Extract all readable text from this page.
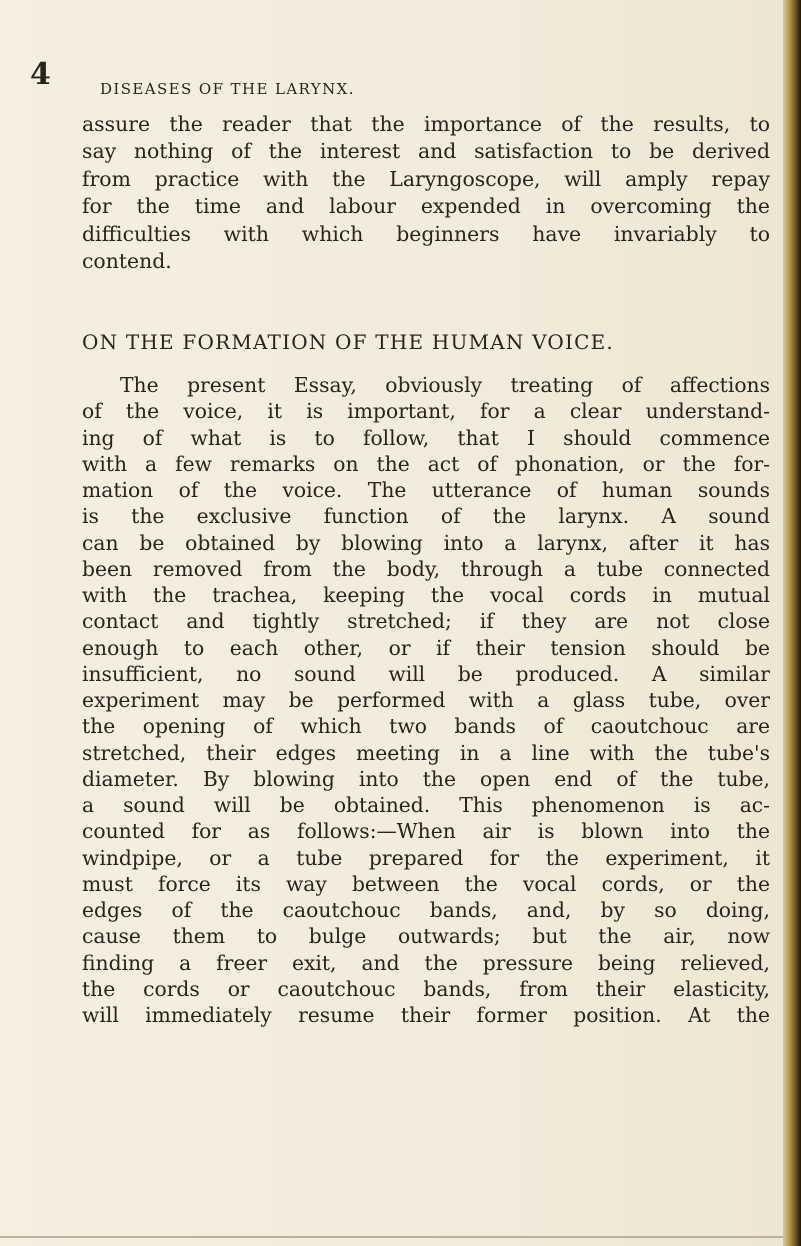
4	DISEASES OF THE LARYNX.
assure the reader that the importance of the results, to
say nothing of the interest and satisfaction to be derived
from practice with the Laryngoscope, will amply repay
for the time and labour expended in overcoming the
difficulties with which beginners have invariably to
contend.
ON THE FORMATION OF THE HUMAN VOICE.
The present Essay, obviously treating of affections
of the voice, it is important, for a clear understand-
ing of what is to follow, that I should commence
with a few remarks on the act of phonation, or the for-
mation of the voice. The utterance of human sounds
is the exclusive function of the larynx. A sound
can be obtained by blowing into a larynx, after it has
been removed from the body, through a tube connected
with the trachea, keeping the vocal cords in mutual
contact and tightly stretched; if they are not close
enough to each other, or if their tension should be
insufficient, no sound will be produced. A similar
experiment may be performed with a glass tube, over
the opening of which two bands of caoutchouc are
stretched, their edges meeting in a line with the tube's
diameter. By blowing into the open end of the tube,
a sound will be obtained. This phenomenon is ac-
counted for as follows:—When air is blown into the
windpipe, or a tube prepared for the experiment, it
must force its way between the vocal cords, or the
edges of the caoutchouc bands, and, by so doing,
cause them to bulge outwards; but the air, now
finding a freer exit, and the pressure being relieved,
the cords or caoutchouc bands, from their elasticity,
will immediately resume their former position. At the
